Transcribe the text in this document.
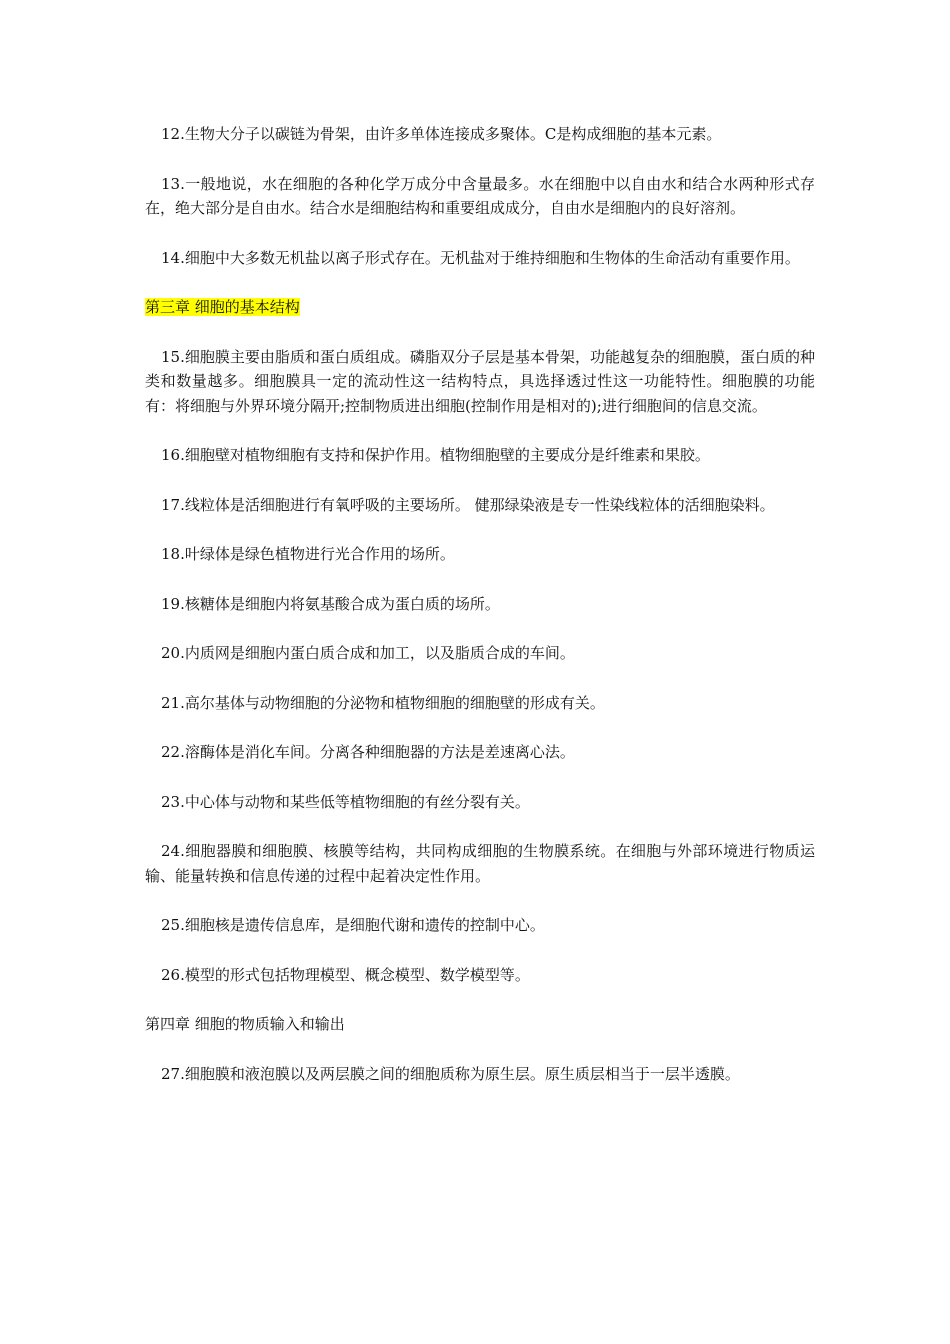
12.生物大分子以碳链为骨架，由许多单体连接成多聚体。C是构成细胞的基本元素。

13.一般地说，水在细胞的各种化学万成分中含量最多。水在细胞中以自由水和结合水两种形式存在，绝大部分是自由水。结合水是细胞结构和重要组成成分，自由水是细胞内的良好溶剂。

14.细胞中大多数无机盐以离子形式存在。无机盐对于维持细胞和生物体的生命活动有重要作用。

第三章 细胞的基本结构

15.细胞膜主要由脂质和蛋白质组成。磷脂双分子层是基本骨架，功能越复杂的细胞膜，蛋白质的种类和数量越多。细胞膜具一定的流动性这一结构特点，具选择透过性这一功能特性。细胞膜的功能有：将细胞与外界环境分隔开;控制物质进出细胞(控制作用是相对的);进行细胞间的信息交流。

16.细胞壁对植物细胞有支持和保护作用。植物细胞壁的主要成分是纤维素和果胶。

17.线粒体是活细胞进行有氧呼吸的主要场所。 健那绿染液是专一性染线粒体的活细胞染料。

18.叶绿体是绿色植物进行光合作用的场所。

19.核糖体是细胞内将氨基酸合成为蛋白质的场所。

20.内质网是细胞内蛋白质合成和加工，以及脂质合成的车间。

21.高尔基体与动物细胞的分泌物和植物细胞的细胞壁的形成有关。

22.溶酶体是消化车间。分离各种细胞器的方法是差速离心法。

23.中心体与动物和某些低等植物细胞的有丝分裂有关。

24.细胞器膜和细胞膜、核膜等结构，共同构成细胞的生物膜系统。在细胞与外部环境进行物质运输、能量转换和信息传递的过程中起着决定性作用。

25.细胞核是遗传信息库，是细胞代谢和遗传的控制中心。

26.模型的形式包括物理模型、概念模型、数学模型等。

第四章 细胞的物质输入和输出

27.细胞膜和液泡膜以及两层膜之间的细胞质称为原生层。原生质层相当于一层半透膜。
